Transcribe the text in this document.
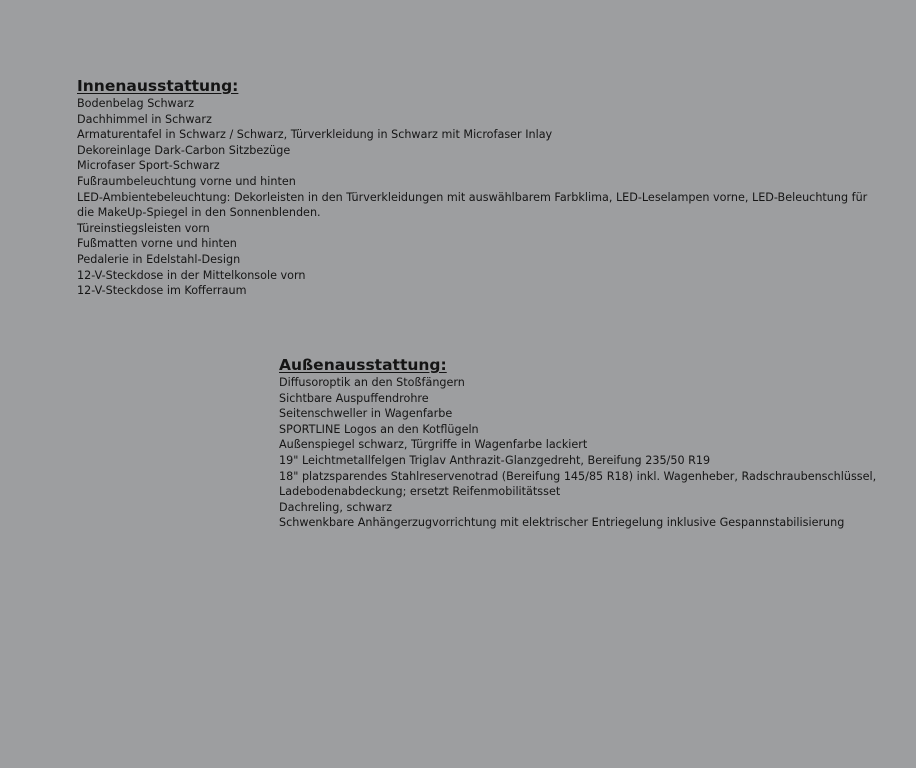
Innenausstattung:
Bodenbelag Schwarz
Dachhimmel in Schwarz
Armaturentafel in Schwarz / Schwarz, Türverkleidung in Schwarz mit Microfaser Inlay
Dekoreinlage Dark-Carbon Sitzbezüge
Microfaser Sport-Schwarz
Fußraumbeleuchtung vorne und hinten
LED-Ambientebeleuchtung: Dekorleisten in den Türverkleidungen mit auswählbarem Farbklima, LED-Leselampen vorne, LED-Beleuchtung für die MakeUp-Spiegel in den Sonnenblenden.
Türeinstiegsleisten vorn
Fußmatten vorne und hinten
Pedalerie in Edelstahl-Design
12-V-Steckdose in der Mittelkonsole vorn
12-V-Steckdose im Kofferraum
Außenausstattung:
Diffusoroptik an den Stoßfängern
Sichtbare Auspuffendrohre
Seitenschweller in Wagenfarbe
SPORTLINE Logos an den Kotflügeln
Außenspiegel schwarz, Türgriffe in Wagenfarbe lackiert
19" Leichtmetallfelgen Triglav Anthrazit-Glanzgedreht, Bereifung 235/50 R19
18" platzsparendes Stahlreservenotrad (Bereifung 145/85 R18) inkl. Wagenheber, Radschraubenschlüssel, Ladebodenabdeckung; ersetzt Reifenmobilitätsset
Dachreling, schwarz
Schwenkbare Anhängerzugvorrichtung mit elektrischer Entriegelung inklusive Gespannstabilisierung
